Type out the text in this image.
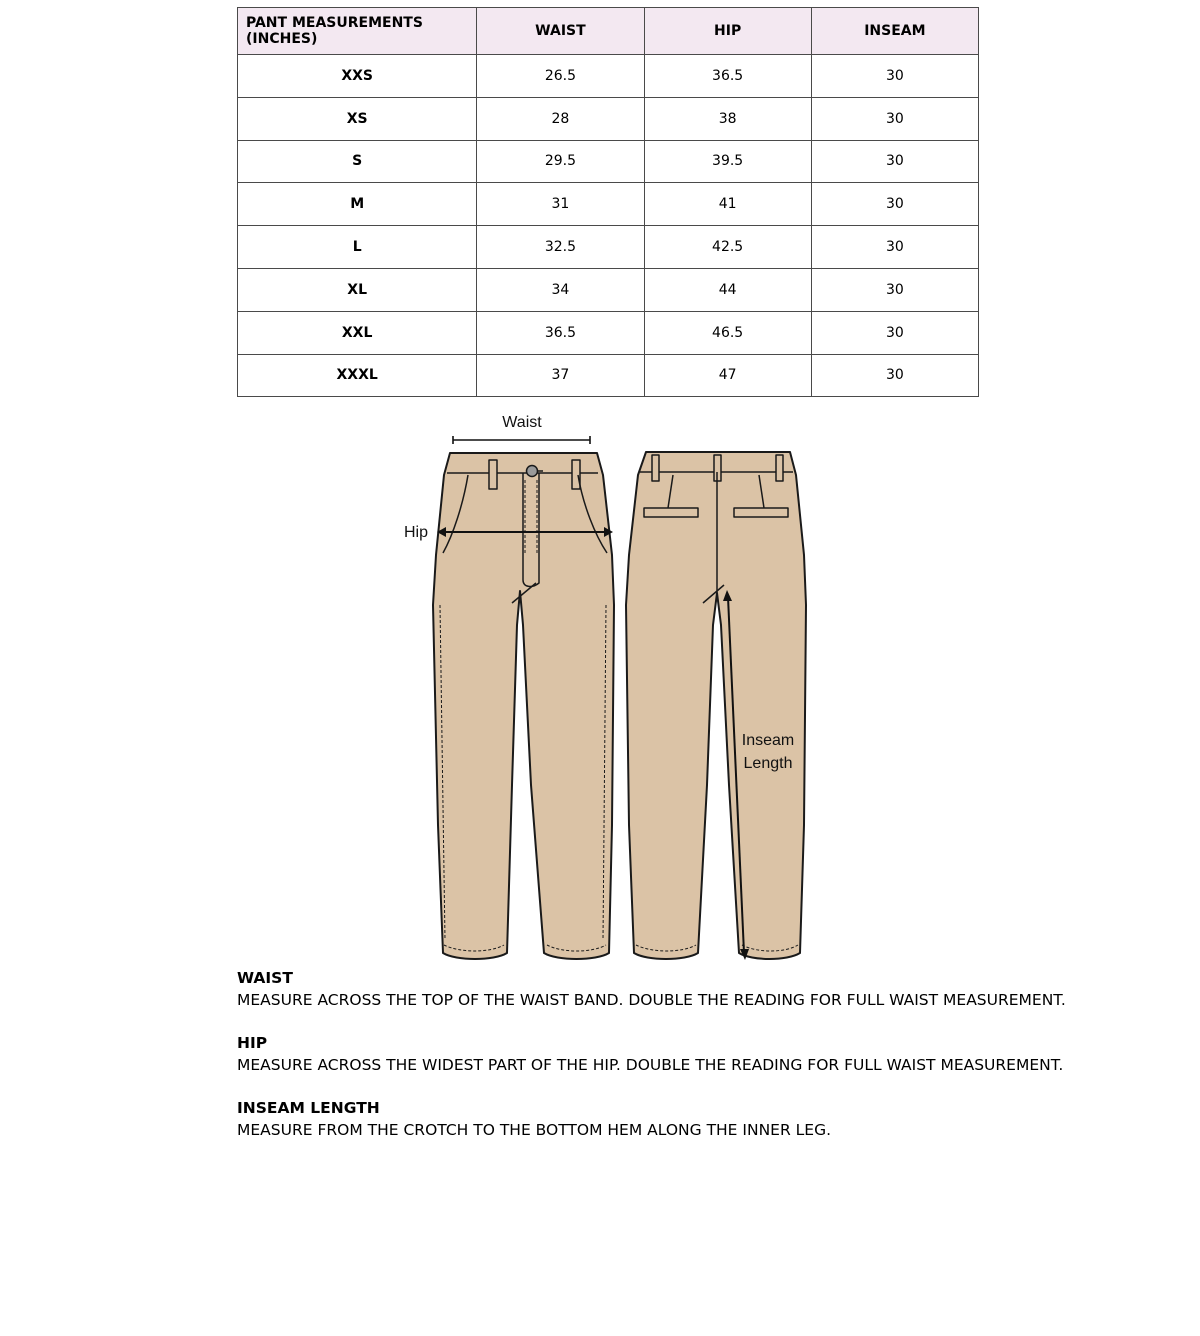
PANT MEASUREMENTS (INCHES)	WAIST	HIP	INSEAM
XXS	26.5	36.5	30
XS	28	38	30
S	29.5	39.5	30
M	31	41	30
L	32.5	42.5	30
XL	34	44	30
XXL	36.5	46.5	30
XXXL	37	47	30
Waist
Hip
Inseam
Length

WAIST
MEASURE ACROSS THE TOP OF THE WAIST BAND. DOUBLE THE READING FOR FULL WAIST MEASUREMENT.

HIP
MEASURE ACROSS THE WIDEST PART OF THE HIP. DOUBLE THE READING FOR FULL WAIST MEASUREMENT.

INSEAM LENGTH
MEASURE FROM THE CROTCH TO THE BOTTOM HEM ALONG THE INNER LEG.
